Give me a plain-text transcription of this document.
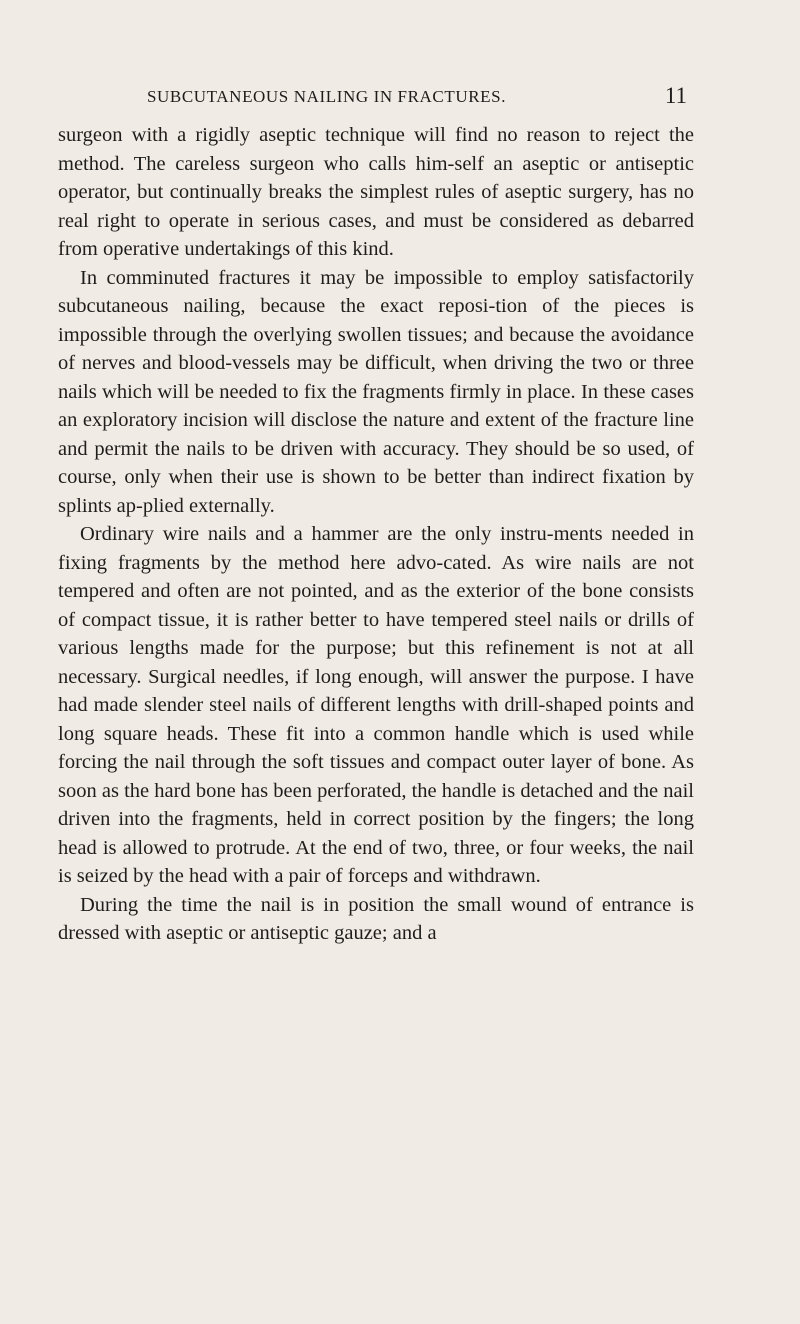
SUBCUTANEOUS NAILING IN FRACTURES.	11

surgeon with a rigidly aseptic technique will find no reason to reject the method. The careless surgeon who calls him-self an aseptic or antiseptic operator, but continually breaks the simplest rules of aseptic surgery, has no real right to operate in serious cases, and must be considered as debarred from operative undertakings of this kind.

In comminuted fractures it may be impossible to employ satisfactorily subcutaneous nailing, because the exact reposi-tion of the pieces is impossible through the overlying swollen tissues; and because the avoidance of nerves and blood-vessels may be difficult, when driving the two or three nails which will be needed to fix the fragments firmly in place. In these cases an exploratory incision will disclose the nature and extent of the fracture line and permit the nails to be driven with accuracy. They should be so used, of course, only when their use is shown to be better than indirect fixation by splints ap-plied externally.

Ordinary wire nails and a hammer are the only instru-ments needed in fixing fragments by the method here advo-cated. As wire nails are not tempered and often are not pointed, and as the exterior of the bone consists of compact tissue, it is rather better to have tempered steel nails or drills of various lengths made for the purpose; but this refinement is not at all necessary. Surgical needles, if long enough, will answer the purpose. I have had made slender steel nails of different lengths with drill-shaped points and long square heads. These fit into a common handle which is used while forcing the nail through the soft tissues and compact outer layer of bone. As soon as the hard bone has been perforated, the handle is detached and the nail driven into the fragments, held in correct position by the fingers; the long head is allowed to protrude. At the end of two, three, or four weeks, the nail is seized by the head with a pair of forceps and withdrawn.

During the time the nail is in position the small wound of entrance is dressed with aseptic or antiseptic gauze; and a
